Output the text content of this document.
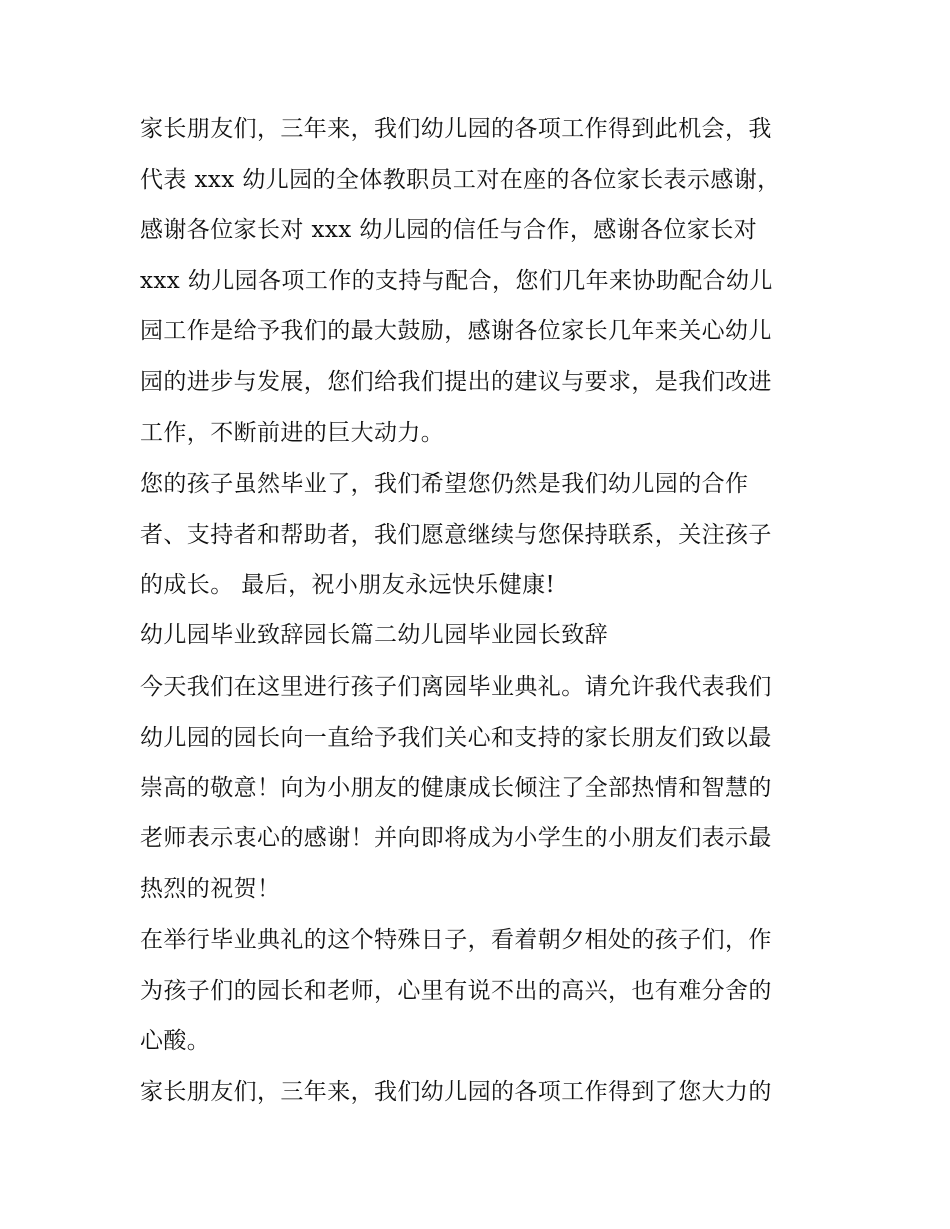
家长朋友们，三年来，我们幼儿园的各项工作得到此机会，我
代表 xxx 幼儿园的全体教职员工对在座的各位家长表示感谢，
感谢各位家长对 xxx 幼儿园的信任与合作，感谢各位家长对
xxx 幼儿园各项工作的支持与配合，您们几年来协助配合幼儿
园工作是给予我们的最大鼓励，感谢各位家长几年来关心幼儿
园的进步与发展，您们给我们提出的建议与要求，是我们改进
工作，不断前进的巨大动力。
您的孩子虽然毕业了，我们希望您仍然是我们幼儿园的合作
者、支持者和帮助者，我们愿意继续与您保持联系，关注孩子
的成长。 最后，祝小朋友永远快乐健康!
幼儿园毕业致辞园长篇二幼儿园毕业园长致辞
今天我们在这里进行孩子们离园毕业典礼。请允许我代表我们
幼儿园的园长向一直给予我们关心和支持的家长朋友们致以最
崇高的敬意！向为小朋友的健康成长倾注了全部热情和智慧的
老师表示衷心的感谢！并向即将成为小学生的小朋友们表示最
热烈的祝贺！
在举行毕业典礼的这个特殊日子，看着朝夕相处的孩子们，作
为孩子们的园长和老师，心里有说不出的高兴，也有难分舍的
心酸。
家长朋友们，三年来，我们幼儿园的各项工作得到了您大力的
